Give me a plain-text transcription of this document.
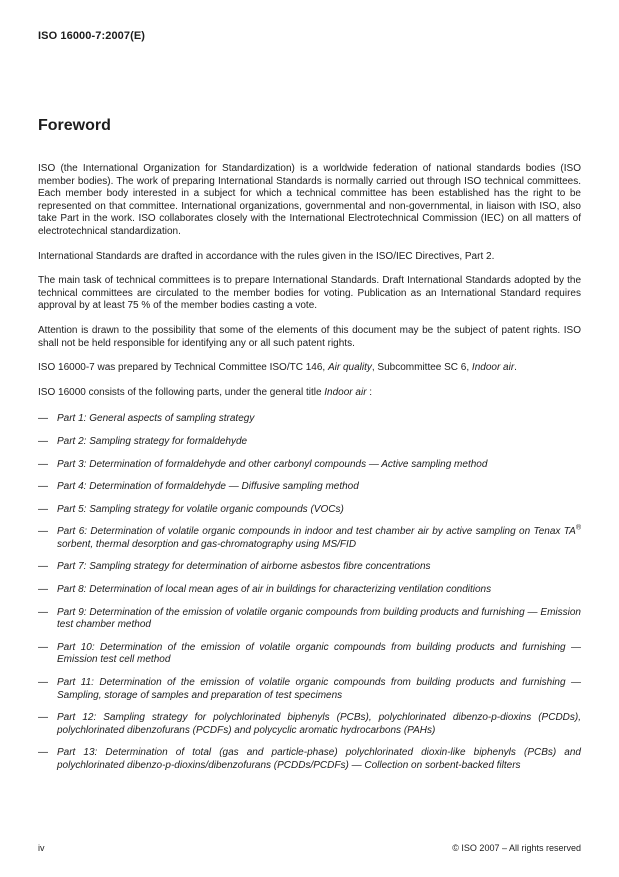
ISO 16000-7:2007(E)
Foreword

ISO (the International Organization for Standardization) is a worldwide federation of national standards bodies (ISO member bodies). The work of preparing International Standards is normally carried out through ISO technical committees. Each member body interested in a subject for which a technical committee has been established has the right to be represented on that committee. International organizations, governmental and non-governmental, in liaison with ISO, also take Part in the work. ISO collaborates closely with the International Electrotechnical Commission (IEC) on all matters of electrotechnical standardization.

International Standards are drafted in accordance with the rules given in the ISO/IEC Directives, Part 2.

The main task of technical committees is to prepare International Standards. Draft International Standards adopted by the technical committees are circulated to the member bodies for voting. Publication as an International Standard requires approval by at least 75 % of the member bodies casting a vote.

Attention is drawn to the possibility that some of the elements of this document may be the subject of patent rights. ISO shall not be held responsible for identifying any or all such patent rights.

ISO 16000-7 was prepared by Technical Committee ISO/TC 146, Air quality, Subcommittee SC 6, Indoor air.

ISO 16000 consists of the following parts, under the general title Indoor air :

— Part 1: General aspects of sampling strategy
— Part 2: Sampling strategy for formaldehyde
— Part 3: Determination of formaldehyde and other carbonyl compounds — Active sampling method
— Part 4: Determination of formaldehyde — Diffusive sampling method
— Part 5: Sampling strategy for volatile organic compounds (VOCs)
— Part 6: Determination of volatile organic compounds in indoor and test chamber air by active sampling on Tenax TA® sorbent, thermal desorption and gas-chromatography using MS/FID
— Part 7: Sampling strategy for determination of airborne asbestos fibre concentrations
— Part 8: Determination of local mean ages of air in buildings for characterizing ventilation conditions
— Part 9: Determination of the emission of volatile organic compounds from building products and furnishing — Emission test chamber method
— Part 10: Determination of the emission of volatile organic compounds from building products and furnishing — Emission test cell method
— Part 11: Determination of the emission of volatile organic compounds from building products and furnishing —Sampling, storage of samples and preparation of test specimens
— Part 12: Sampling strategy for polychlorinated biphenyls (PCBs), polychlorinated dibenzo-p-dioxins (PCDDs), polychlorinated dibenzofurans (PCDFs) and polycyclic aromatic hydrocarbons (PAHs)
— Part 13: Determination of total (gas and particle-phase) polychlorinated dioxin-like biphenyls (PCBs) and polychlorinated dibenzo-p-dioxins/dibenzofurans (PCDDs/PCDFs) — Collection on sorbent-backed filters
iv	© ISO 2007 – All rights reserved
